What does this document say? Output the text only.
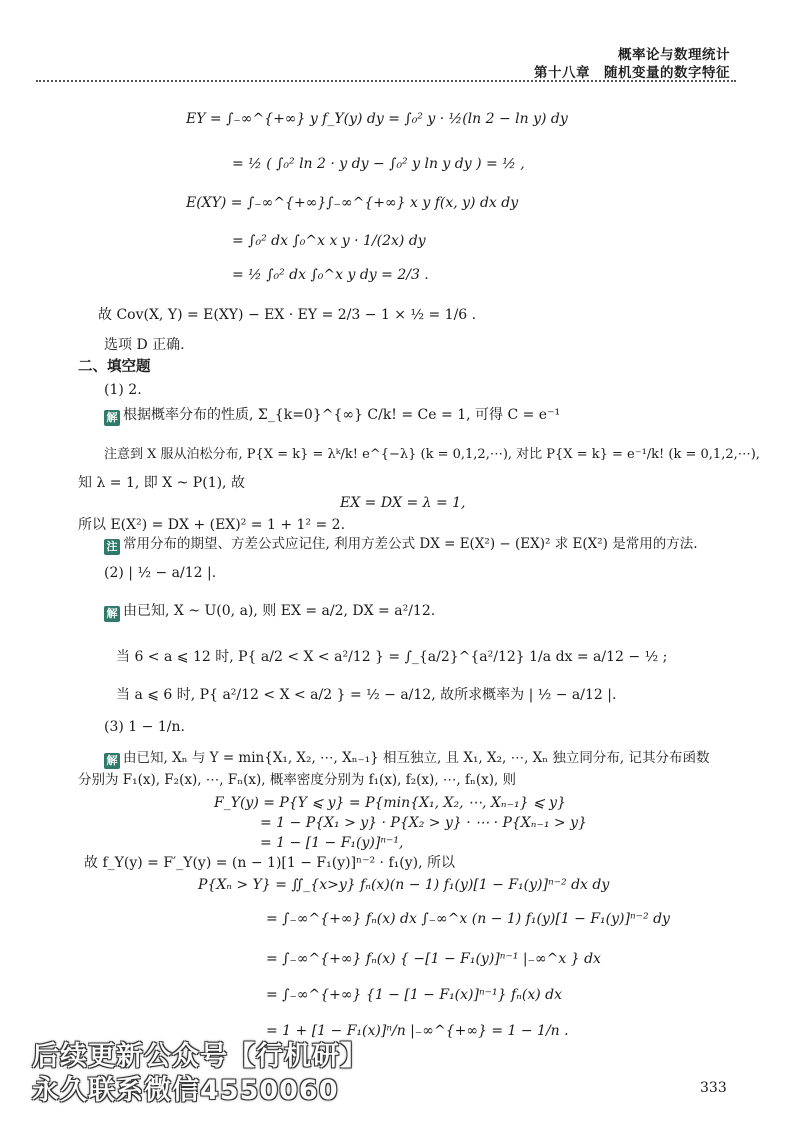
概率论与数理统计
第十八章　随机变量的数字特征
EY = ∫₋∞^{+∞} y f_Y(y) dy = ∫₀² y · ½(ln 2 − ln y) dy
= ½ ( ∫₀² ln 2 · y dy − ∫₀² y ln y dy ) = ½ ,
E(XY) = ∫₋∞^{+∞}∫₋∞^{+∞} x y f(x, y) dx dy
= ∫₀² dx ∫₀^x x y · 1/(2x) dy
= ½ ∫₀² dx ∫₀^x y dy = 2/3 .
故 Cov(X, Y) = E(XY) − EX · EY = 2/3 − 1 × ½ = 1/6 .
选项 D 正确.
二、填空题
(1) 2.
解 根据概率分布的性质, Σ_{k=0}^{∞} C/k! = Ce = 1, 可得 C = e⁻¹
注意到 X 服从泊松分布, P{X = k} = λᵏ/k! e^{−λ} (k = 0,1,2,⋯), 对比 P{X = k} = e⁻¹/k! (k = 0,1,2,⋯),
知 λ = 1, 即 X ~ P(1), 故
EX = DX = λ = 1,
所以 E(X²) = DX + (EX)² = 1 + 1² = 2.
注 常用分布的期望、方差公式应记住, 利用方差公式 DX = E(X²) − (EX)² 求 E(X²) 是常用的方法.
(2) | ½ − a/12 |.
解 由已知, X ~ U(0, a), 则 EX = a/2, DX = a²/12.
当 6 < a ⩽ 12 时, P{ a/2 < X < a²/12 } = ∫_{a/2}^{a²/12} 1/a dx = a/12 − ½ ;
当 a ⩽ 6 时, P{ a²/12 < X < a/2 } = ½ − a/12, 故所求概率为 | ½ − a/12 |.
(3) 1 − 1/n.
解 由已知, Xₙ 与 Y = min{X₁, X₂, ⋯, Xₙ₋₁} 相互独立, 且 X₁, X₂, ⋯, Xₙ 独立同分布, 记其分布函数
分别为 F₁(x), F₂(x), ⋯, Fₙ(x), 概率密度分别为 f₁(x), f₂(x), ⋯, fₙ(x), 则
F_Y(y) = P{Y ⩽ y} = P{min{X₁, X₂, ⋯, Xₙ₋₁} ⩽ y}
= 1 − P{X₁ > y} · P{X₂ > y} · ⋯ · P{Xₙ₋₁ > y}
= 1 − [1 − F₁(y)]ⁿ⁻¹,
故 f_Y(y) = F′_Y(y) = (n − 1)[1 − F₁(y)]ⁿ⁻² · f₁(y), 所以
P{Xₙ > Y} = ∬_{x>y} fₙ(x)(n − 1) f₁(y)[1 − F₁(y)]ⁿ⁻² dx dy
= ∫₋∞^{+∞} fₙ(x) dx ∫₋∞^x (n − 1) f₁(y)[1 − F₁(y)]ⁿ⁻² dy
= ∫₋∞^{+∞} fₙ(x) { −[1 − F₁(y)]ⁿ⁻¹ |₋∞^x } dx
= ∫₋∞^{+∞} {1 − [1 − F₁(x)]ⁿ⁻¹} fₙ(x) dx
= 1 + [1 − F₁(x)]ⁿ/n |₋∞^{+∞} = 1 − 1/n .
后续更新公众号【行机研】
永久联系微信4550060	333
